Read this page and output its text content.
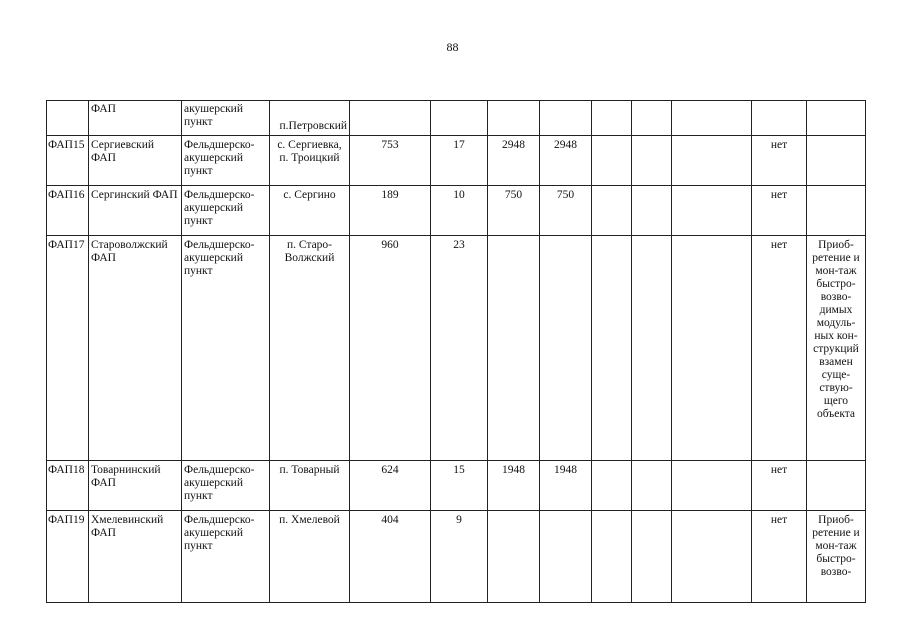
88
	ФАП	акушерский пункт	п.Петровский									
ФАП15	Сергиевский ФАП	Фельдшерско-акушерский пункт	с. Сергиевка, п. Троицкий	753	17	2948	2948				нет	
ФАП16	Сергинский ФАП	Фельдшерско-акушерский пункт	с. Сергино	189	10	750	750				нет	
ФАП17	Староволжский ФАП	Фельдшерско-акушерский пункт	п. Старо-Волжский	960	23						нет	Приоб-ретение и мон-таж быстро-возво-димых модуль-ных кон-струкций взамен суще-ствую-щего объекта
ФАП18	Товарнинский ФАП	Фельдшерско-акушерский пункт	п. Товарный	624	15	1948	1948				нет	
ФАП19	Хмелевинский ФАП	Фельдшерско-акушерский пункт	п. Хмелевой	404	9						нет	Приоб-ретение и мон-таж быстро-возво-
